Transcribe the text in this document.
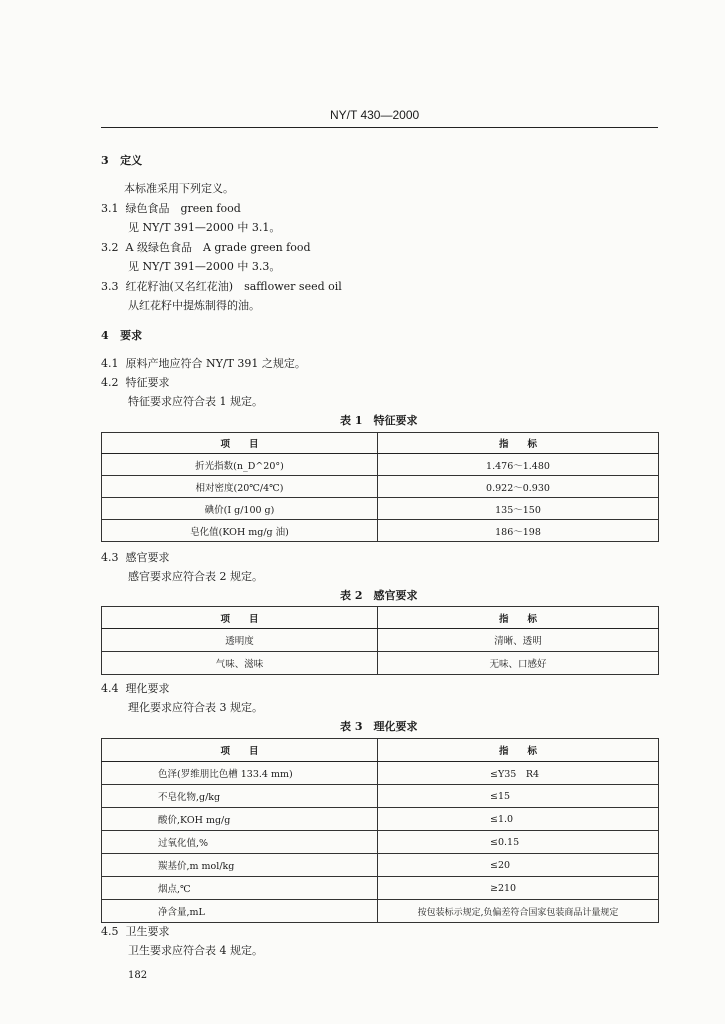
NY/T 430—2000
3 定义
本标准采用下列定义。
3.1 绿色食品　green food
见 NY/T 391—2000 中 3.1。
3.2 A 级绿色食品　A grade green food
见 NY/T 391—2000 中 3.3。
3.3 红花籽油(又名红花油)　safflower seed oil
从红花籽中提炼制得的油。
4 要求
4.1 原料产地应符合 NY/T 391 之规定。
4.2 特征要求
特征要求应符合表 1 规定。
表 1　特征要求
项　　目	指　　标
折光指数(n_D^20°)	1.476～1.480
相对密度(20℃/4℃)	0.922～0.930
碘价(I g/100 g)	135～150
皂化值(KOH mg/g 油)	186～198
4.3 感官要求
感官要求应符合表 2 规定。
表 2　感官要求
项　　目	指　　标
透明度	清晰、透明
气味、滋味	无味、口感好
4.4 理化要求
理化要求应符合表 3 规定。
表 3　理化要求
项　　目	指　　标
色泽(罗维朋比色槽 133.4 mm)	≤Y35　R4
不皂化物,g/kg	≤15
酸价,KOH mg/g	≤1.0
过氧化值,%	≤0.15
羰基价,m mol/kg	≤20
烟点,℃	≥210
净含量,mL	按包装标示规定,负偏差符合国家包装商品计量规定
4.5 卫生要求
卫生要求应符合表 4 规定。
182
